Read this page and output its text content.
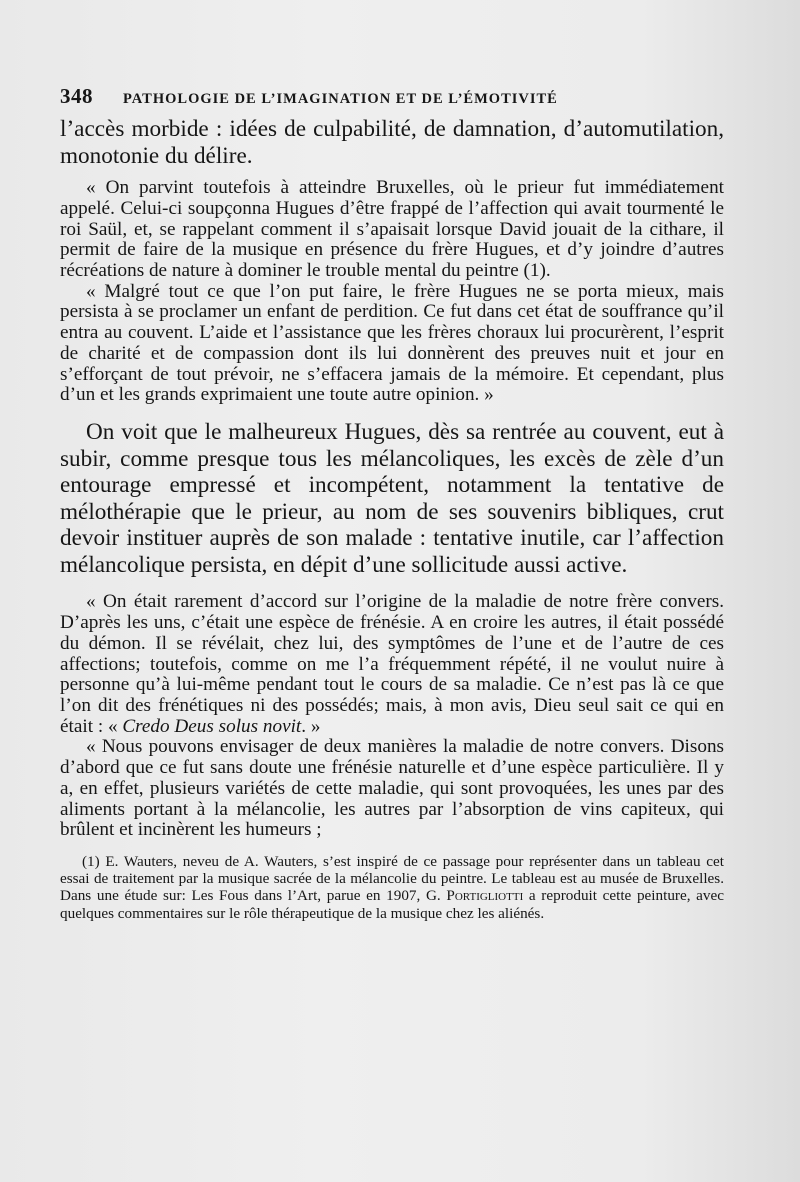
348 PATHOLOGIE DE L’IMAGINATION ET DE L’ÉMOTIVITÉ

l’accès morbide : idées de culpabilité, de damnation, d’automutilation, monotonie du délire.

« On parvint toutefois à atteindre Bruxelles, où le prieur fut immédiatement appelé. Celui-ci soupçonna Hugues d’être frappé de l’affection qui avait tourmenté le roi Saül, et, se rappelant comment il s’apaisait lorsque David jouait de la cithare, il permit de faire de la musique en présence du frère Hugues, et d’y joindre d’autres récréations de nature à dominer le trouble mental du peintre (1).

« Malgré tout ce que l’on put faire, le frère Hugues ne se porta mieux, mais persista à se proclamer un enfant de perdition. Ce fut dans cet état de souffrance qu’il entra au couvent. L’aide et l’assistance que les frères choraux lui procurèrent, l’esprit de charité et de compassion dont ils lui donnèrent des preuves nuit et jour en s’efforçant de tout prévoir, ne s’effacera jamais de la mémoire. Et cependant, plus d’un et les grands exprimaient une toute autre opinion. »

On voit que le malheureux Hugues, dès sa rentrée au couvent, eut à subir, comme presque tous les mélancoliques, les excès de zèle d’un entourage empressé et incompétent, notamment la tentative de mélothérapie que le prieur, au nom de ses souvenirs bibliques, crut devoir instituer auprès de son malade : tentative inutile, car l’affection mélancolique persista, en dépit d’une sollicitude aussi active.

« On était rarement d’accord sur l’origine de la maladie de notre frère convers. D’après les uns, c’était une espèce de frénésie. A en croire les autres, il était possédé du démon. Il se révélait, chez lui, des symptômes de l’une et de l’autre de ces affections; toutefois, comme on me l’a fréquemment répété, il ne voulut nuire à personne qu’à lui-même pendant tout le cours de sa maladie. Ce n’est pas là ce que l’on dit des frénétiques ni des possédés; mais, à mon avis, Dieu seul sait ce qui en était : « Credo Deus solus novit. »

« Nous pouvons envisager de deux manières la maladie de notre convers. Disons d’abord que ce fut sans doute une frénésie naturelle et d’une espèce particulière. Il y a, en effet, plusieurs variétés de cette maladie, qui sont provoquées, les unes par des aliments portant à la mélancolie, les autres par l’absorption de vins capiteux, qui brûlent et incinèrent les humeurs ;

(1) E. Wauters, neveu de A. Wauters, s’est inspiré de ce passage pour représenter dans un tableau cet essai de traitement par la musique sacrée de la mélancolie du peintre. Le tableau est au musée de Bruxelles. Dans une étude sur: Les Fous dans l’Art, parue en 1907, G. Portigliotti a reproduit cette peinture, avec quelques commentaires sur le rôle thérapeutique de la musique chez les aliénés.
